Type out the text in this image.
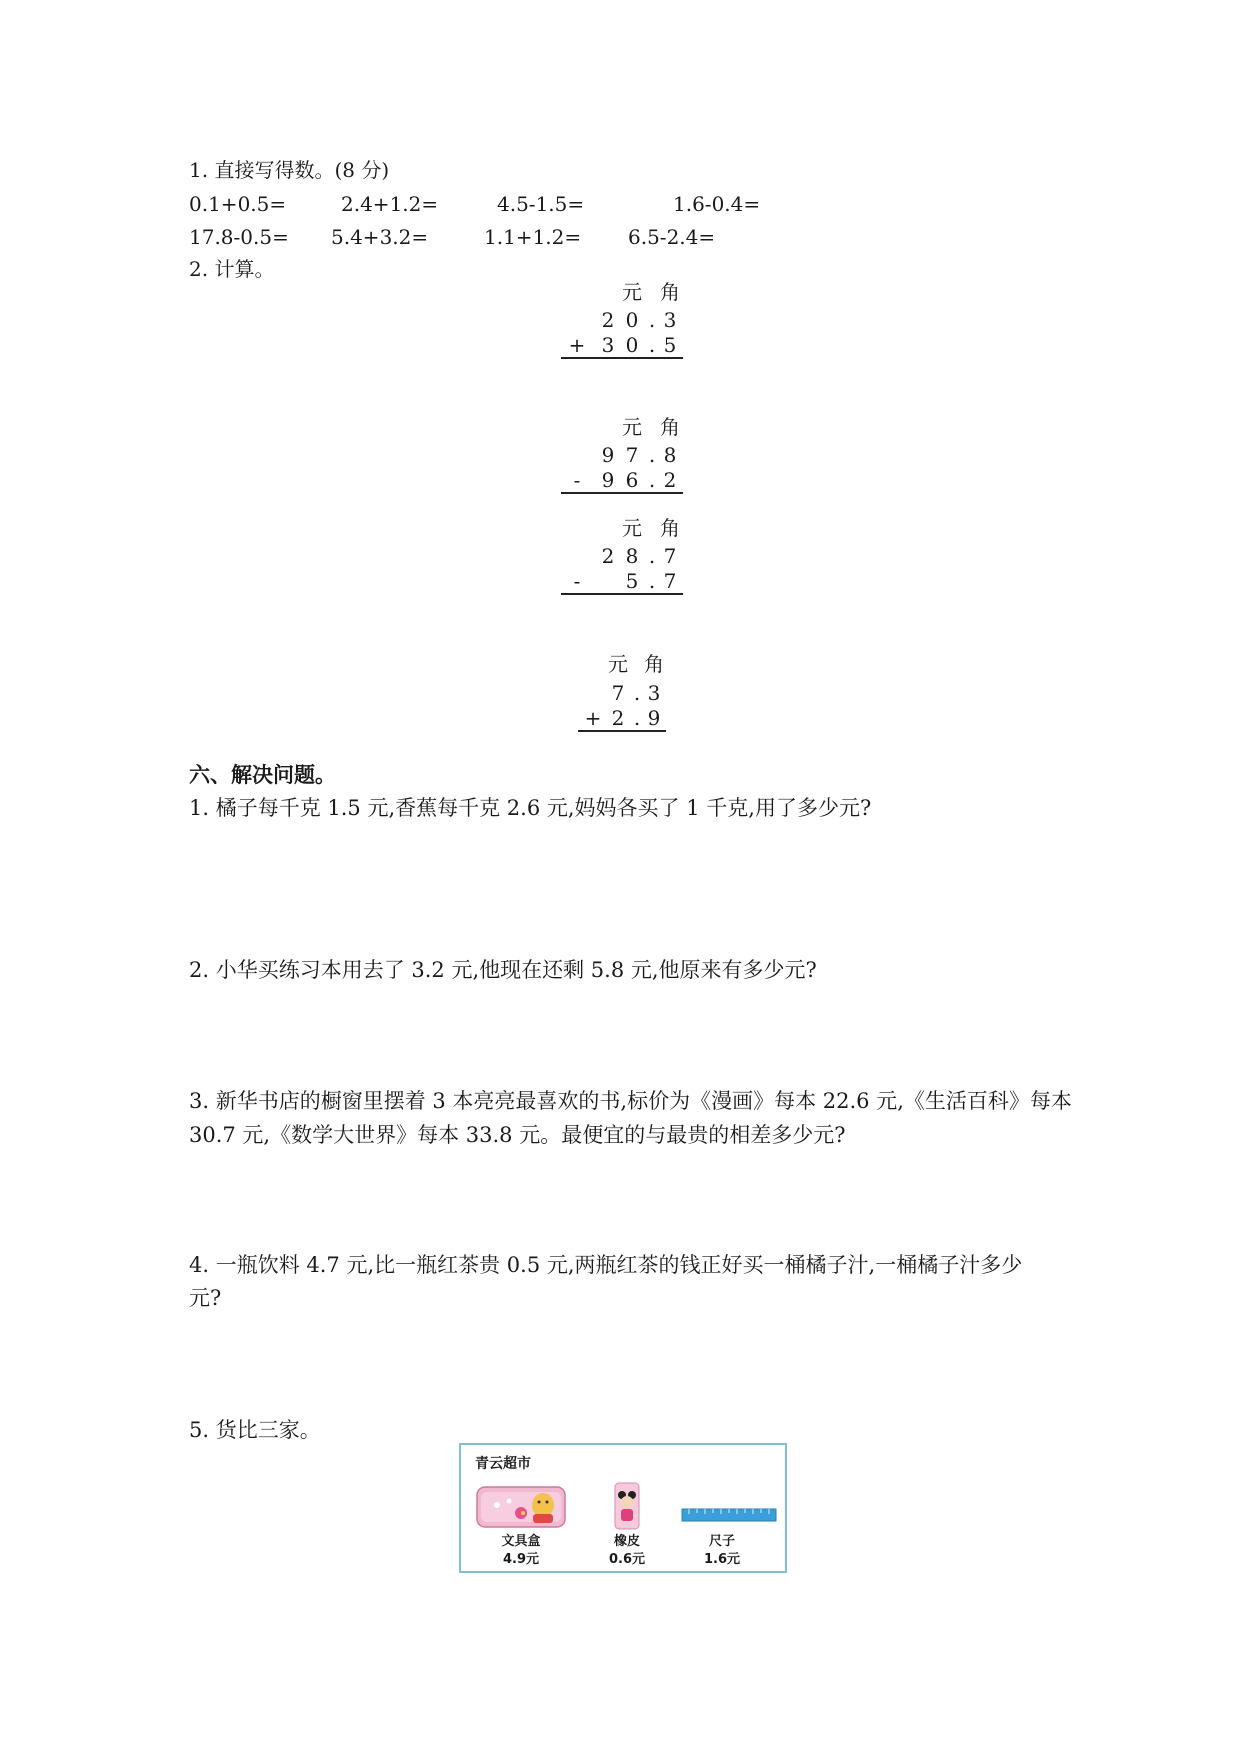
1. 直接写得数。(8 分)
0.1+0.5=	2.4+1.2=	4.5-1.5=	1.6-0.4=
17.8-0.5= 5.4+3.2=	1.1+1.2= 6.5-2.4=
2. 计算。
元 角
2 0 . 3
+ 3 0 . 5
元 角
9 7 . 8
-	9 6 . 2
元 角
2 8 . 7
-	5 . 7
元 角
7 . 3
+ 2 . 9
六、解决问题。
1. 橘子每千克 1.5 元,香蕉每千克 2.6 元,妈妈各买了 1 千克,用了多少元?
2. 小华买练习本用去了 3.2 元,他现在还剩 5.8 元,他原来有多少元?
3. 新华书店的橱窗里摆着 3 本亮亮最喜欢的书,标价为《漫画》每本 22.6 元,《生活百科》每本
30.7 元,《数学大世界》每本 33.8 元。最便宜的与最贵的相差多少元?
4. 一瓶饮料 4.7 元,比一瓶红茶贵 0.5 元,两瓶红茶的钱正好买一桶橘子汁,一桶橘子汁多少
元?
5. 货比三家。
青云超市
文具盒
4.9元
橡皮
0.6元
尺子
1.6元
